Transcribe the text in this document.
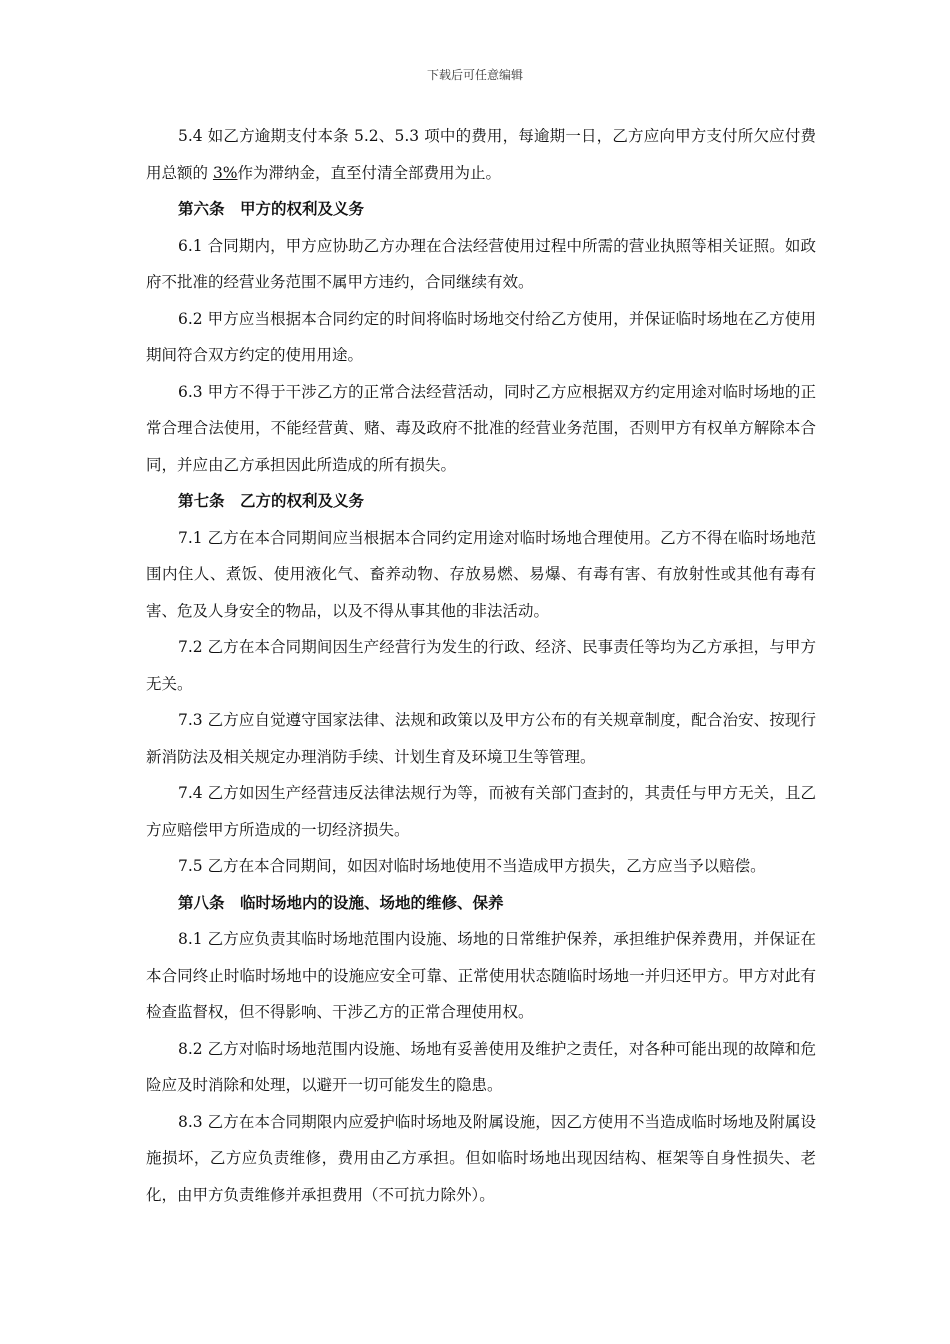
下载后可任意编辑

5.4 如乙方逾期支付本条 5.2、5.3 项中的费用，每逾期一日，乙方应向甲方支付所欠应付费用总额的 3%作为滞纳金，直至付清全部费用为止。

第六条　甲方的权利及义务

6.1 合同期内，甲方应协助乙方办理在合法经营使用过程中所需的营业执照等相关证照。如政府不批准的经营业务范围不属甲方违约，合同继续有效。

6.2 甲方应当根据本合同约定的时间将临时场地交付给乙方使用，并保证临时场地在乙方使用期间符合双方约定的使用用途。

6.3 甲方不得于干涉乙方的正常合法经营活动，同时乙方应根据双方约定用途对临时场地的正常合理合法使用，不能经营黄、赌、毒及政府不批准的经营业务范围，否则甲方有权单方解除本合同，并应由乙方承担因此所造成的所有损失。

第七条　乙方的权利及义务

7.1 乙方在本合同期间应当根据本合同约定用途对临时场地合理使用。乙方不得在临时场地范围内住人、煮饭、使用液化气、畜养动物、存放易燃、易爆、有毒有害、有放射性或其他有毒有害、危及人身安全的物品，以及不得从事其他的非法活动。

7.2 乙方在本合同期间因生产经营行为发生的行政、经济、民事责任等均为乙方承担，与甲方无关。

7.3 乙方应自觉遵守国家法律、法规和政策以及甲方公布的有关规章制度，配合治安、按现行新消防法及相关规定办理消防手续、计划生育及环境卫生等管理。

7.4 乙方如因生产经营违反法律法规行为等，而被有关部门查封的，其责任与甲方无关，且乙方应赔偿甲方所造成的一切经济损失。

7.5 乙方在本合同期间，如因对临时场地使用不当造成甲方损失，乙方应当予以赔偿。

第八条　临时场地内的设施、场地的维修、保养

8.1 乙方应负责其临时场地范围内设施、场地的日常维护保养，承担维护保养费用，并保证在本合同终止时临时场地中的设施应安全可靠、正常使用状态随临时场地一并归还甲方。甲方对此有检查监督权，但不得影响、干涉乙方的正常合理使用权。

8.2 乙方对临时场地范围内设施、场地有妥善使用及维护之责任，对各种可能出现的故障和危险应及时消除和处理，以避开一切可能发生的隐患。

8.3 乙方在本合同期限内应爱护临时场地及附属设施，因乙方使用不当造成临时场地及附属设施损坏，乙方应负责维修，费用由乙方承担。但如临时场地出现因结构、框架等自身性损失、老化，由甲方负责维修并承担费用（不可抗力除外）。
